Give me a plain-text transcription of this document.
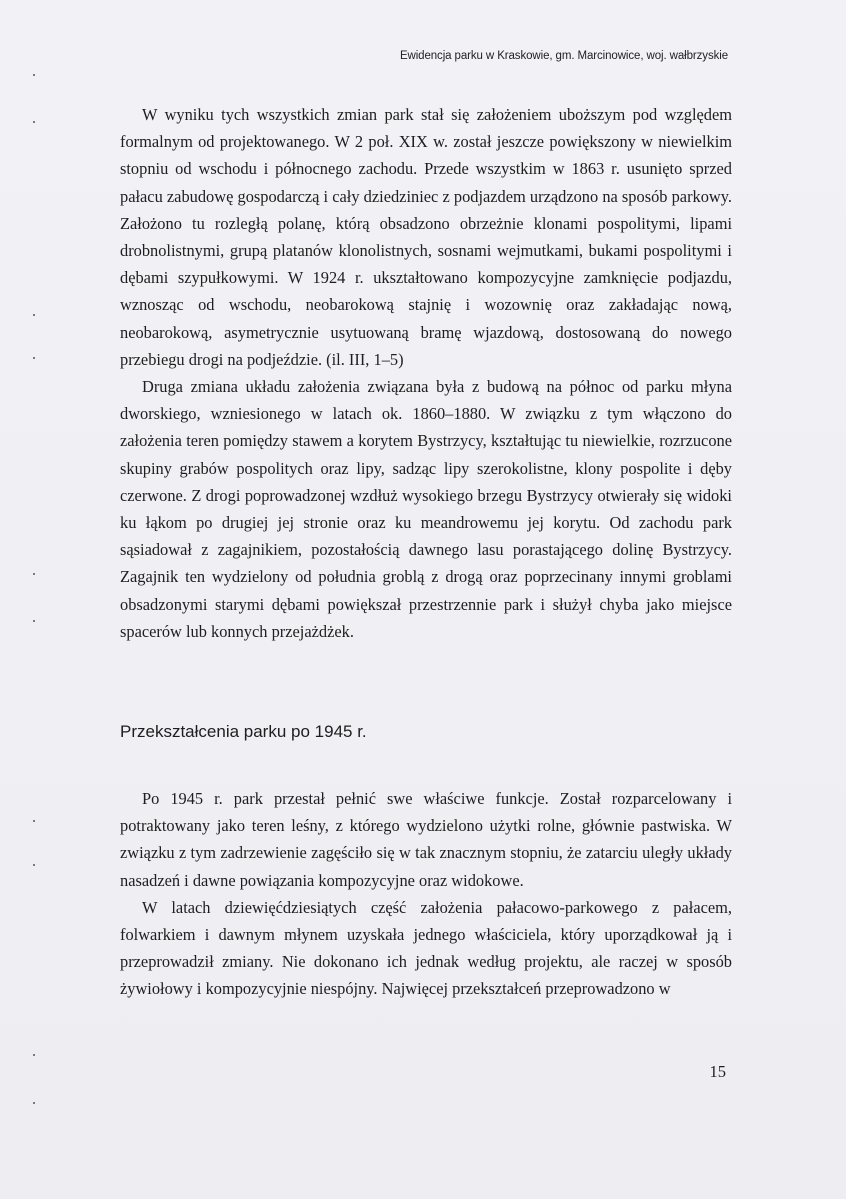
Ewidencja parku w Kraskowie, gm. Marcinowice, woj. wałbrzyskie

W wyniku tych wszystkich zmian park stał się założeniem uboższym pod względem formalnym od projektowanego. W 2 poł. XIX w. został jeszcze powiększony w niewielkim stopniu od wschodu i północnego zachodu. Przede wszystkim w 1863 r. usunięto sprzed pałacu zabudowę gospodarczą i cały dziedziniec z podjazdem urządzono na sposób parkowy. Założono tu rozległą polanę, którą obsadzono obrzeżnie klonami pospolitymi, lipami drobnolistnymi, grupą platanów klonolistnych, sosnami wejmutkami, bukami pospolitymi i dębami szypułkowymi. W 1924 r. ukształtowano kompozycyjne zamknięcie podjazdu, wznosząc od wschodu, neobarokową stajnię i wozownię oraz zakładając nową, neobarokową, asymetrycznie usytuowaną bramę wjazdową, dostosowaną do nowego przebiegu drogi na podjeździe. (il. III, 1–5)

Druga zmiana układu założenia związana była z budową na północ od parku młyna dworskiego, wzniesionego w latach ok. 1860–1880. W związku z tym włączono do założenia teren pomiędzy stawem a korytem Bystrzycy, kształtując tu niewielkie, rozrzucone skupiny grabów pospolitych oraz lipy, sadząc lipy szerokolistne, klony pospolite i dęby czerwone. Z drogi poprowadzonej wzdłuż wysokiego brzegu Bystrzycy otwierały się widoki ku łąkom po drugiej jej stronie oraz ku meandrowemu jej korytu. Od zachodu park sąsiadował z zagajnikiem, pozostałością dawnego lasu porastającego dolinę Bystrzycy. Zagajnik ten wydzielony od południa groblą z drogą oraz poprzecinany innymi groblami obsadzonymi starymi dębami powiększał przestrzennie park i służył chyba jako miejsce spacerów lub konnych przejażdżek.

Przekształcenia parku po 1945 r.

Po 1945 r. park przestał pełnić swe właściwe funkcje. Został rozparcelowany i potraktowany jako teren leśny, z którego wydzielono użytki rolne, głównie pastwiska. W związku z tym zadrzewienie zagęściło się w tak znacznym stopniu, że zatarciu uległy układy nasadzeń i dawne powiązania kompozycyjne oraz widokowe.

W latach dziewięćdziesiątych część założenia pałacowo-parkowego z pałacem, folwarkiem i dawnym młynem uzyskała jednego właściciela, który uporządkował ją i przeprowadził zmiany. Nie dokonano ich jednak według projektu, ale raczej w sposób żywiołowy i kompozycyjnie niespójny. Najwięcej przekształceń przeprowadzono w

15
